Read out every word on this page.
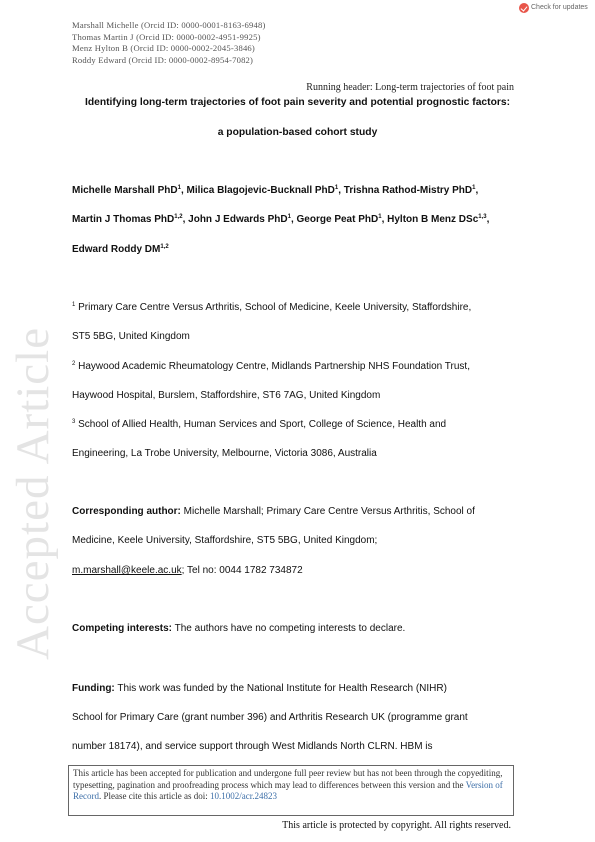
Check for updates
Marshall Michelle (Orcid ID: 0000-0001-8163-6948)
Thomas Martin J (Orcid ID: 0000-0002-4951-9925)
Menz Hylton B (Orcid ID: 0000-0002-2045-3846)
Roddy Edward (Orcid ID: 0000-0002-8954-7082)
Accepted Article
Running header: Long-term trajectories of foot pain
Identifying long-term trajectories of foot pain severity and potential prognostic factors:
a population-based cohort study
Michelle Marshall PhD$^1$, Milica Blagojevic-Bucknall PhD$^1$, Trishna Rathod-Mistry PhD$^1$,
Martin J Thomas PhD$^{1,2}$, John J Edwards PhD$^1$, George Peat PhD$^1$, Hylton B Menz DSc$^{1,3}$,
Edward Roddy DM$^{1,2}$
$^1$ Primary Care Centre Versus Arthritis, School of Medicine, Keele University, Staffordshire,
ST5 5BG, United Kingdom
$^2$ Haywood Academic Rheumatology Centre, Midlands Partnership NHS Foundation Trust,
Haywood Hospital, Burslem, Staffordshire, ST6 7AG, United Kingdom
$^3$ School of Allied Health, Human Services and Sport, College of Science, Health and
Engineering, La Trobe University, Melbourne, Victoria 3086, Australia
Corresponding author: Michelle Marshall; Primary Care Centre Versus Arthritis, School of
Medicine, Keele University, Staffordshire, ST5 5BG, United Kingdom;
m.marshall@keele.ac.uk; Tel no: 0044 1782 734872
Competing interests: The authors have no competing interests to declare.
Funding: This work was funded by the National Institute for Health Research (NIHR)
School for Primary Care (grant number 396) and Arthritis Research UK (programme grant
number 18174), and service support through West Midlands North CLRN. HBM is
This article has been accepted for publication and undergone full peer review but has not been through the copyediting, typesetting, pagination and proofreading process which may lead to differences between this version and the Version of Record. Please cite this article as doi: 10.1002/acr.24823
This article is protected by copyright. All rights reserved.
